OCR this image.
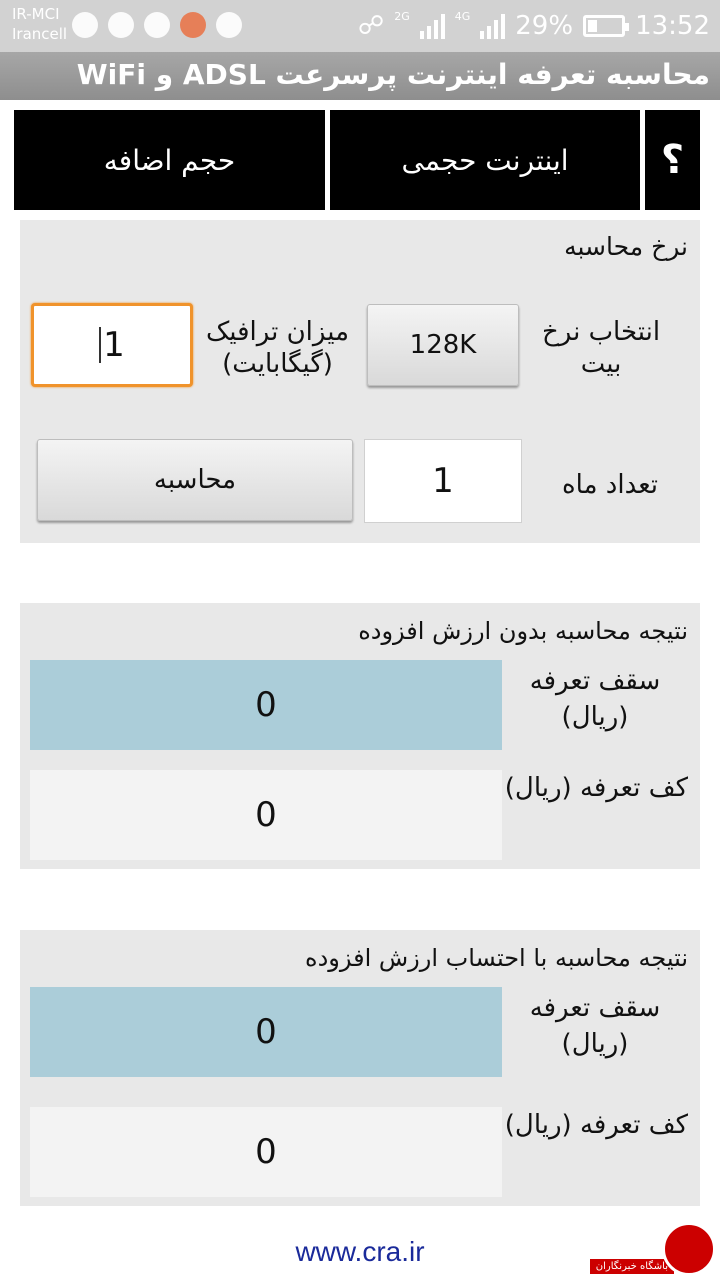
IR-MCI
Irancell	☍ 2G	4G 29% 13:52
محاسبه تعرفه اینترنت پرسرعت ADSL و WiFi
؟
اینترنت حجمی
حجم اضافه
نرخ محاسبه
انتخاب نرخ بیت
128K
میزان ترافیک (گیگابایت)
1
تعداد ماه
1
محاسبه
نتیجه محاسبه بدون ارزش افزوده
سقف تعرفه (ریال)
0
کف تعرفه (ریال)
0
نتیجه محاسبه با احتساب ارزش افزوده
سقف تعرفه (ریال)
0
کف تعرفه (ریال)
0
www.cra.ir	باشگاه خبرنگاران
